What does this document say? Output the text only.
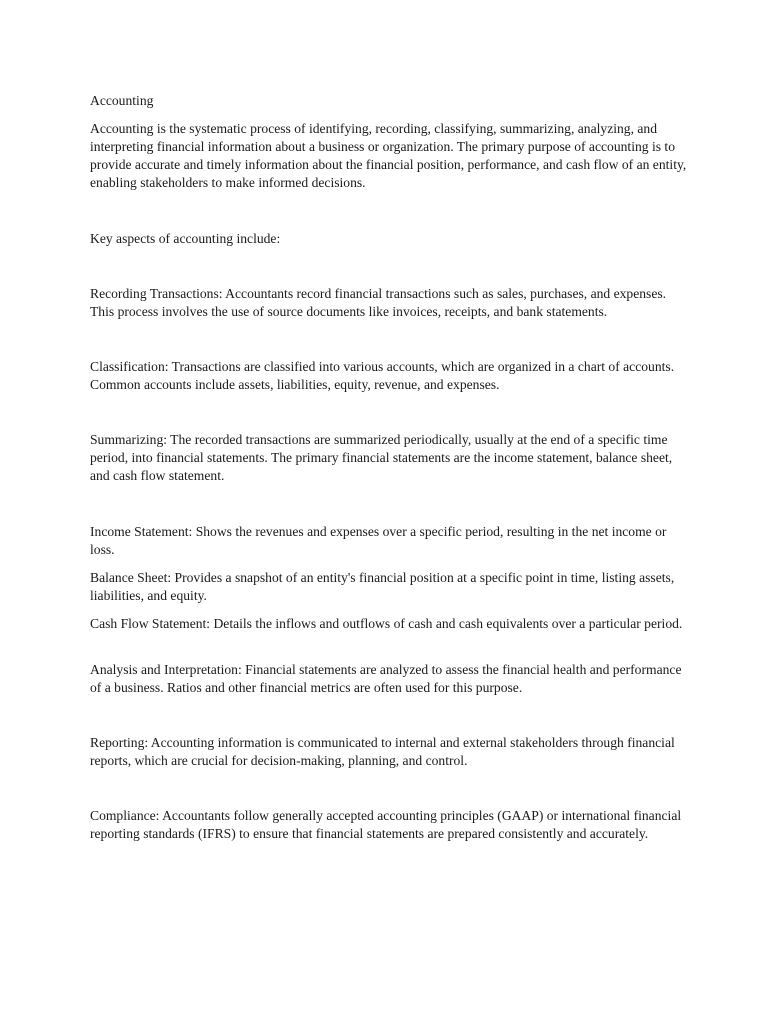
Accounting

Accounting is the systematic process of identifying, recording, classifying, summarizing, analyzing, and interpreting financial information about a business or organization. The primary purpose of accounting is to provide accurate and timely information about the financial position, performance, and cash flow of an entity, enabling stakeholders to make informed decisions.

Key aspects of accounting include:

Recording Transactions: Accountants record financial transactions such as sales, purchases, and expenses. This process involves the use of source documents like invoices, receipts, and bank statements.

Classification: Transactions are classified into various accounts, which are organized in a chart of accounts. Common accounts include assets, liabilities, equity, revenue, and expenses.

Summarizing: The recorded transactions are summarized periodically, usually at the end of a specific time period, into financial statements. The primary financial statements are the income statement, balance sheet, and cash flow statement.

Income Statement: Shows the revenues and expenses over a specific period, resulting in the net income or loss.

Balance Sheet: Provides a snapshot of an entity's financial position at a specific point in time, listing assets, liabilities, and equity.

Cash Flow Statement: Details the inflows and outflows of cash and cash equivalents over a particular period.

Analysis and Interpretation: Financial statements are analyzed to assess the financial health and performance of a business. Ratios and other financial metrics are often used for this purpose.

Reporting: Accounting information is communicated to internal and external stakeholders through financial reports, which are crucial for decision-making, planning, and control.

Compliance: Accountants follow generally accepted accounting principles (GAAP) or international financial reporting standards (IFRS) to ensure that financial statements are prepared consistently and accurately.
